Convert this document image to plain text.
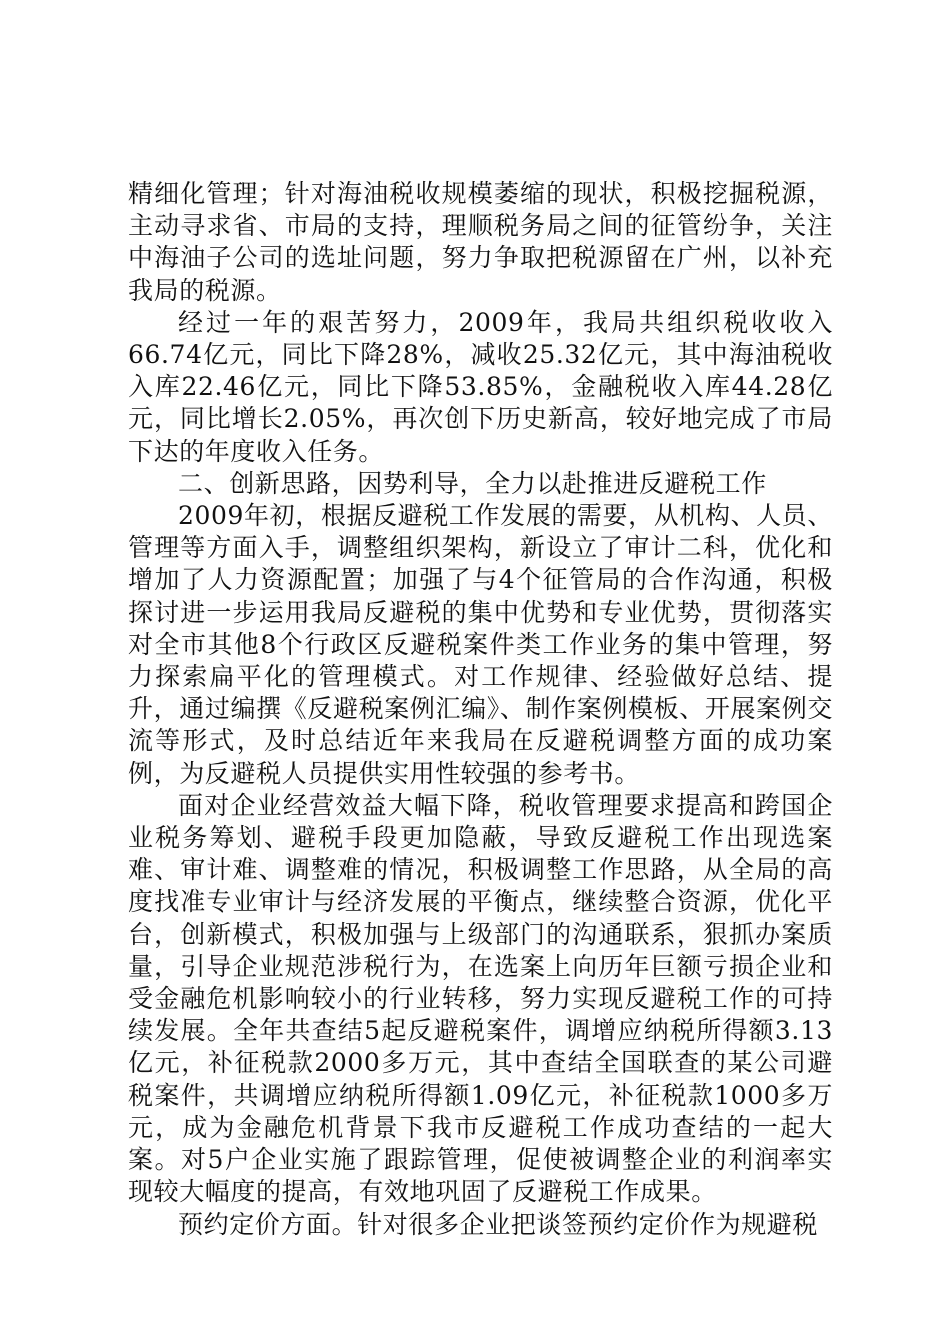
精细化管理；针对海油税收规模萎缩的现状，积极挖掘税源，主动寻求省、市局的支持，理顺税务局之间的征管纷争，关注中海油子公司的选址问题，努力争取把税源留在广州，以补充我局的税源。

经过一年的艰苦努力，2009年，我局共组织税收收入66.74亿元，同比下降28%，减收25.32亿元，其中海油税收入库22.46亿元，同比下降53.85%，金融税收入库44.28亿元，同比增长2.05%，再次创下历史新高，较好地完成了市局下达的年度收入任务。

二、创新思路，因势利导，全力以赴推进反避税工作

2009年初，根据反避税工作发展的需要，从机构、人员、管理等方面入手，调整组织架构，新设立了审计二科，优化和增加了人力资源配置；加强了与4个征管局的合作沟通，积极探讨进一步运用我局反避税的集中优势和专业优势，贯彻落实对全市其他8个行政区反避税案件类工作业务的集中管理，努力探索扁平化的管理模式。对工作规律、经验做好总结、提升，通过编撰《反避税案例汇编》、制作案例模板、开展案例交流等形式，及时总结近年来我局在反避税调整方面的成功案例，为反避税人员提供实用性较强的参考书。

面对企业经营效益大幅下降，税收管理要求提高和跨国企业税务筹划、避税手段更加隐蔽，导致反避税工作出现选案难、审计难、调整难的情况，积极调整工作思路，从全局的高度找准专业审计与经济发展的平衡点，继续整合资源，优化平台，创新模式，积极加强与上级部门的沟通联系，狠抓办案质量，引导企业规范涉税行为，在选案上向历年巨额亏损企业和受金融危机影响较小的行业转移，努力实现反避税工作的可持续发展。全年共查结5起反避税案件，调增应纳税所得额3.13亿元，补征税款2000多万元，其中查结全国联查的某公司避税案件，共调增应纳税所得额1.09亿元，补征税款1000多万元，成为金融危机背景下我市反避税工作成功查结的一起大案。对5户企业实施了跟踪管理，促使被调整企业的利润率实现较大幅度的提高，有效地巩固了反避税工作成果。

预约定价方面。针对很多企业把谈签预约定价作为规避税
